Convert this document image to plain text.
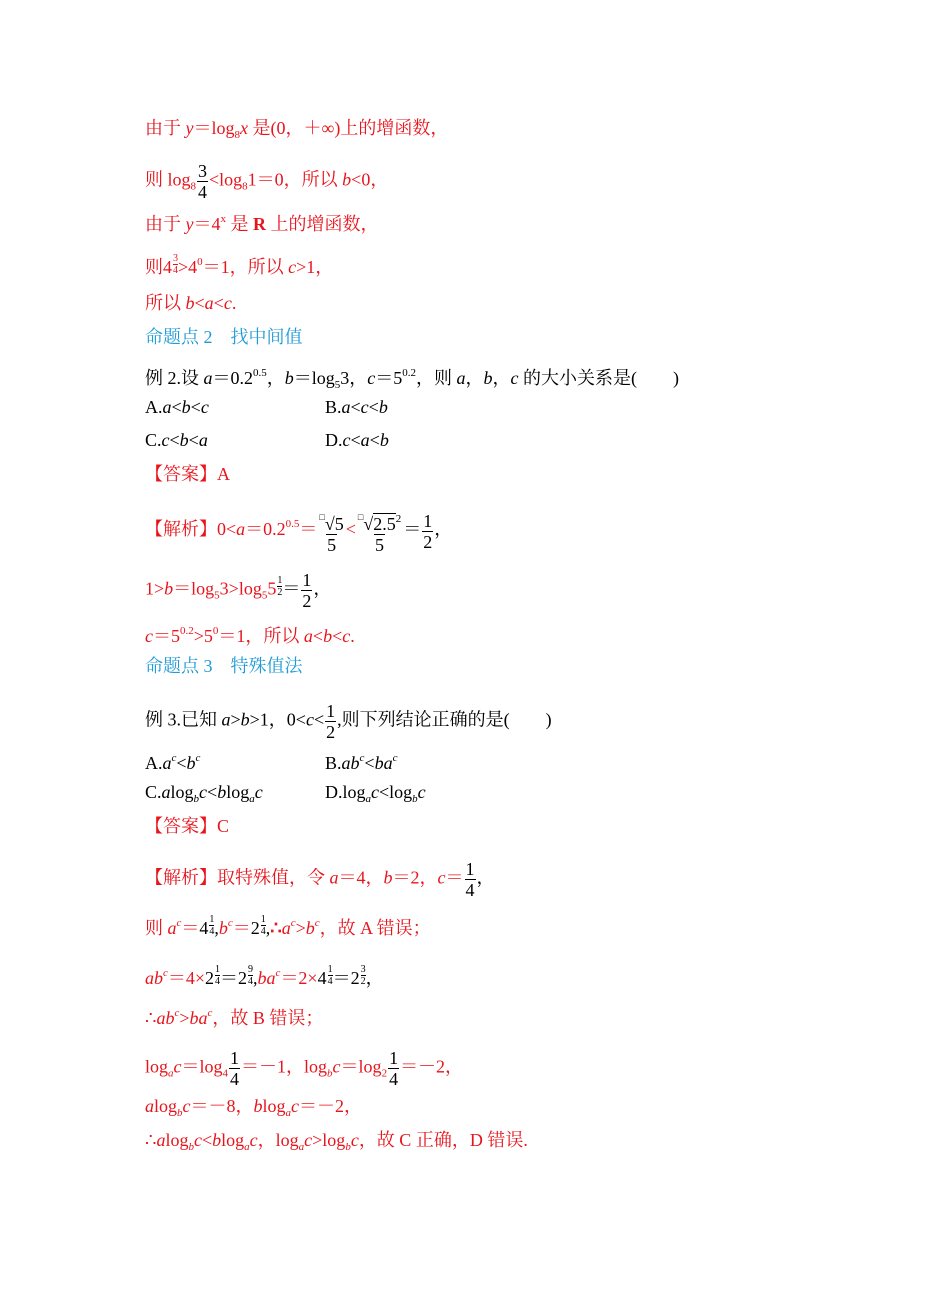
由于 $y=\log_8x$ 是(0，＋∞)上的增函数，
则 $\log_8 \frac{3}{4} <\log_81=0$，所以 b<0，
由于 $y=4^x$ 是 R 上的增函数，
则$4 \frac{3}{4} >4^0=1$，所以 c>1，
所以 b<a<c.
命题点 2　找中间值
例 2.设 $a=0.2^{0.5}$，$b=\log_53$，$c=5^{0.2}$，则 a，b，c 的大小关系是(　　)
A.a<b<c	B.a<c<b
C.c<b<a	D.c<a<b
【答案】A
【解析】$0<a=0.2^{0.5}= \frac{^□√5}{5} < \frac{^□√2.5^2}{5} = \frac{1}{2}$ ，
$1>b=\log_53>\log_55 \frac{1}{2} = \frac{1}{2}$ ，
$c=5^{0.2}>5^0=1$，所以 a<b<c.
命题点 3　特殊值法
例 3.已知 a>b>1，$0<c< \frac{1}{2}$ ,则下列结论正确的是(　　)
$A.a^c<b^c$	$B.ab^c<ba^c$
C.alog$_b$c<blog$_a$c	$D.\log_ac<\log_bc$
【答案】C
【解析】取特殊值，令 a＝4，b＝2，$c= \frac{1}{4}$ ，
则 $a^c=4 \frac{1}{4} ,b^c=2 \frac{1}{4}$ $,\therefore a^c>b^c$，故 A 错误；
$ab^c=4\times 2 \frac{1}{4} =2 \frac{9}{4} ,ba^c=2\times 4 \frac{1}{4} =2 \frac{3}{2}$ ，
$\therefore ab^c>ba^c$，故 B 错误；
$\log_ac=\log_4 \frac{1}{4} =-1$，$\log_bc=\log_2 \frac{1}{4} =-2$，
alog$_b$c＝－8，blog$_a$c＝－2，
∴alog$_b$c<blog$_a$c，$\log_ac>\log_bc$，故 C 正确，D 错误.
